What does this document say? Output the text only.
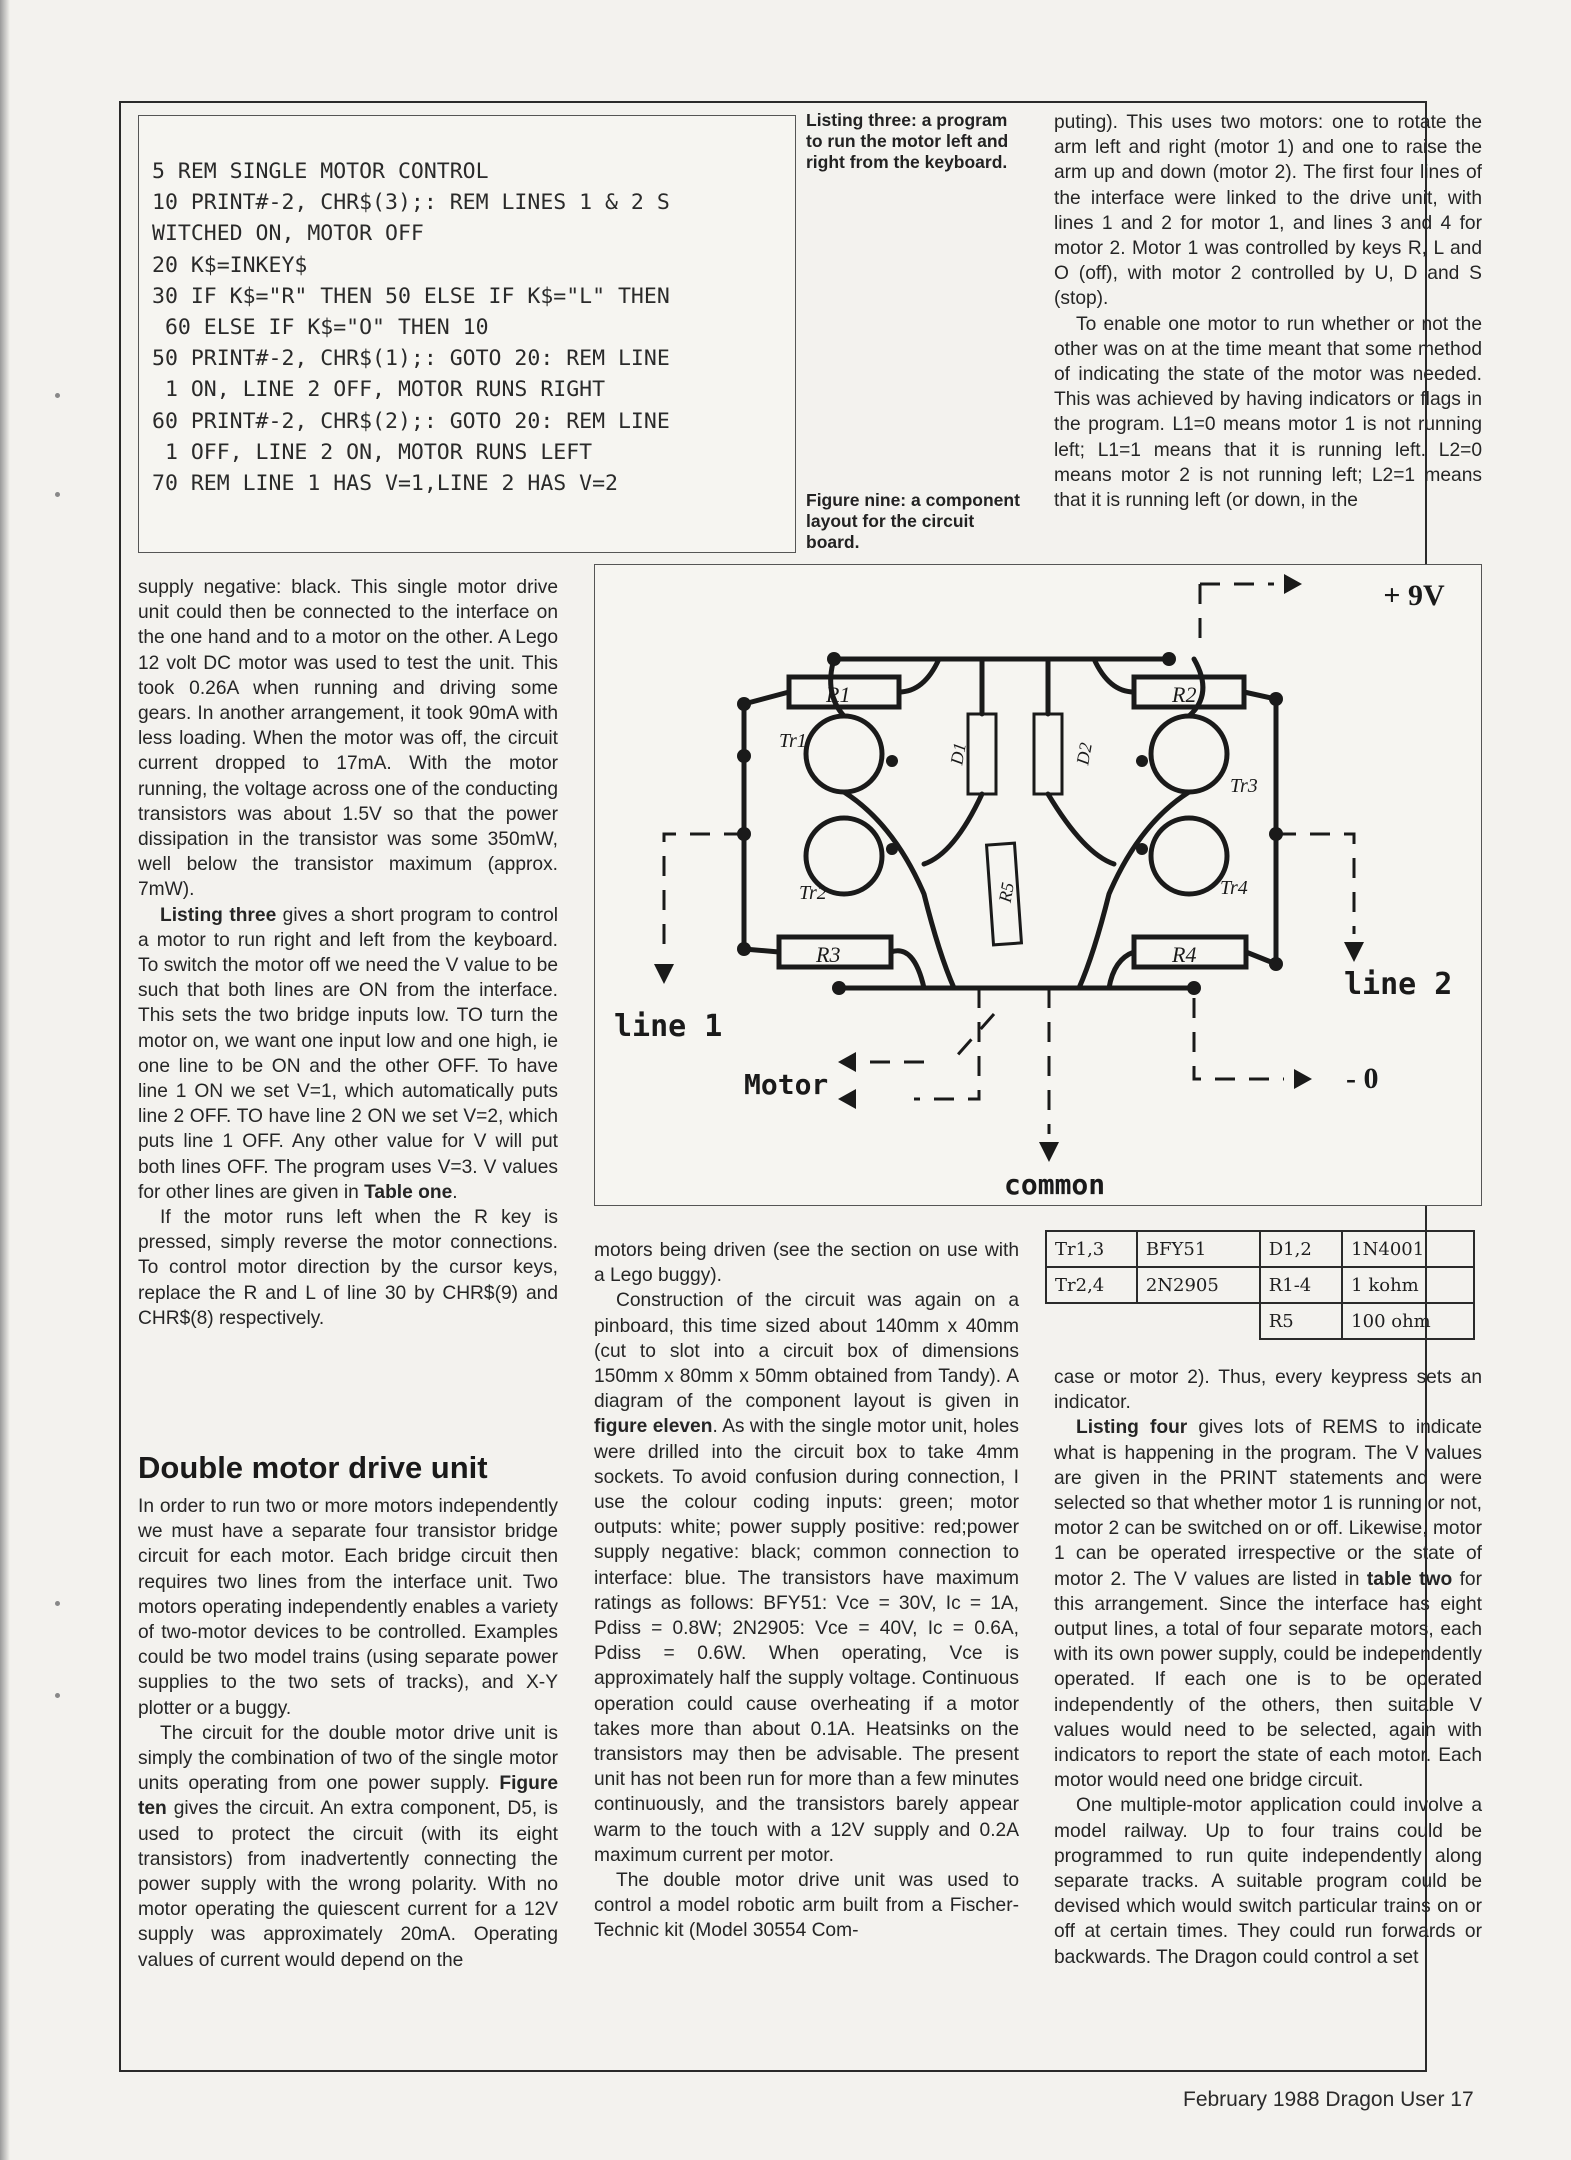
5 REM SINGLE MOTOR CONTROL
10 PRINT#-2, CHR$(3);: REM LINES 1 & 2 S
WITCHED ON, MOTOR OFF
20 K$=INKEY$
30 IF K$="R" THEN 50 ELSE IF K$="L" THEN
60 ELSE IF K$="O" THEN 10
50 PRINT#-2, CHR$(1);: GOTO 20: REM LINE
1 ON, LINE 2 OFF, MOTOR RUNS RIGHT
60 PRINT#-2, CHR$(2);: GOTO 20: REM LINE
1 OFF, LINE 2 ON, MOTOR RUNS LEFT
70 REM LINE 1 HAS V=1,LINE 2 HAS V=2
Listing three: a program to run the motor left and right from the keyboard.
Figure nine: a component layout for the circuit board.

supply negative: black. This single motor drive unit could then be connected to the interface on the one hand and to a motor on the other. A Lego 12 volt DC motor was used to test the unit. This took 0.26A when running and driving some gears. In another arrangement, it took 90mA with less loading. When the motor was off, the circuit current dropped to 17mA. With the motor running, the voltage across one of the conducting transistors was about 1.5V so that the power dissipation in the transistor was some 350mW, well below the transistor maximum (approx. 7mW).

Listing three gives a short program to control a motor to run right and left from the keyboard. To switch the motor off we need the V value to be such that both lines are ON from the interface. This sets the two bridge inputs low. TO turn the motor on, we want one input low and one high, ie one line to be ON and the other OFF. To have line 1 ON we set V=1, which automatically puts line 2 OFF. TO have line 2 ON we set V=2, which puts line 1 OFF. Any other value for V will put both lines OFF. The program uses V=3. V values for other lines are given in Table one.

If the motor runs left when the R key is pressed, simply reverse the motor connections. To control motor direction by the cursor keys, replace the R and L of line 30 by CHR$(9) and CHR$(8) respectively.

Double motor drive unit

In order to run two or more motors independently we must have a separate four transistor bridge circuit for each motor. Each bridge circuit then requires two lines from the interface unit. Two motors operating independently enables a variety of two-motor devices to be controlled. Examples could be two model trains (using separate power supplies to the two sets of tracks), and X-Y plotter or a buggy.

The circuit for the double motor drive unit is simply the combination of two of the single motor units operating from one power supply. Figure ten gives the circuit. An extra component, D5, is used to protect the circuit (with its eight transistors) from inadvertently connecting the power supply with the wrong polarity. With no motor operating the quiescent current for a 12V supply was approximately 20mA. Operating values of current would depend on the

+ 9V
- 0
line 1
line 2
Motor
common
R1	R2
R3	R4
R5
D1	D2
Tr1
Tr2
Tr3
Tr4

motors being driven (see the section on use with a Lego buggy).

Construction of the circuit was again on a pinboard, this time sized about 140mm x 40mm (cut to slot into a circuit box of dimensions 150mm x 80mm x 50mm obtained from Tandy). A diagram of the component layout is given in figure eleven. As with the single motor unit, holes were drilled into the circuit box to take 4mm sockets. To avoid confusion during connection, I use the colour coding inputs: green; motor outputs: white; power supply positive: red;power supply negative: black; common connection to interface: blue. The transistors have maximum ratings as follows: BFY51: Vce = 30V, Ic = 1A, Pdiss = 0.8W; 2N2905: Vce = 40V, Ic = 0.6A, Pdiss = 0.6W. When operating, Vce is approximately half the supply voltage. Continuous operation could cause overheating if a motor takes more than about 0.1A. Heatsinks on the transistors may then be advisable. The present unit has not been run for more than a few minutes continuously, and the transistors barely appear warm to the touch with a 12V supply and 0.2A maximum current per motor.

The double motor drive unit was used to control a model robotic arm built from a Fischer-Technic kit (Model 30554 Com-

puting). This uses two motors: one to rotate the arm left and right (motor 1) and one to raise the arm up and down (motor 2). The first four lines of the interface were linked to the drive unit, with lines 1 and 2 for motor 1, and lines 3 and 4 for motor 2. Motor 1 was controlled by keys R, L and O (off), with motor 2 controlled by U, D and S (stop).

To enable one motor to run whether or not the other was on at the time meant that some method of indicating the state of the motor was needed. This was achieved by having indicators or flags in the program. L1=0 means motor 1 is not running left; L1=1 means that it is running left. L2=0 means motor 2 is not running left; L2=1 means that it is running left (or down, in the

Tr1,3	BFY51	D1,2	1N4001
Tr2,4	2N2905	R1-4	1 kohm
		R5	100 ohm

case or motor 2). Thus, every keypress sets an indicator.

Listing four gives lots of REMS to indicate what is happening in the program. The V values are given in the PRINT statements and were selected so that whether motor 1 is running or not, motor 2 can be switched on or off. Likewise, motor 1 can be operated irrespective or the state of motor 2. The V values are listed in table two for this arrangement. Since the interface has eight output lines, a total of four separate motors, each with its own power supply, could be independently operated. If each one is to be operated independently of the others, then suitable V values would need to be selected, again with indicators to report the state of each motor. Each motor would need one bridge circuit.

One multiple-motor application could involve a model railway. Up to four trains could be programmed to run quite independently along separate tracks. A suitable program could be devised which would switch particular trains on or off at certain times. They could run forwards or backwards. The Dragon could control a set

February 1988 Dragon User 17
